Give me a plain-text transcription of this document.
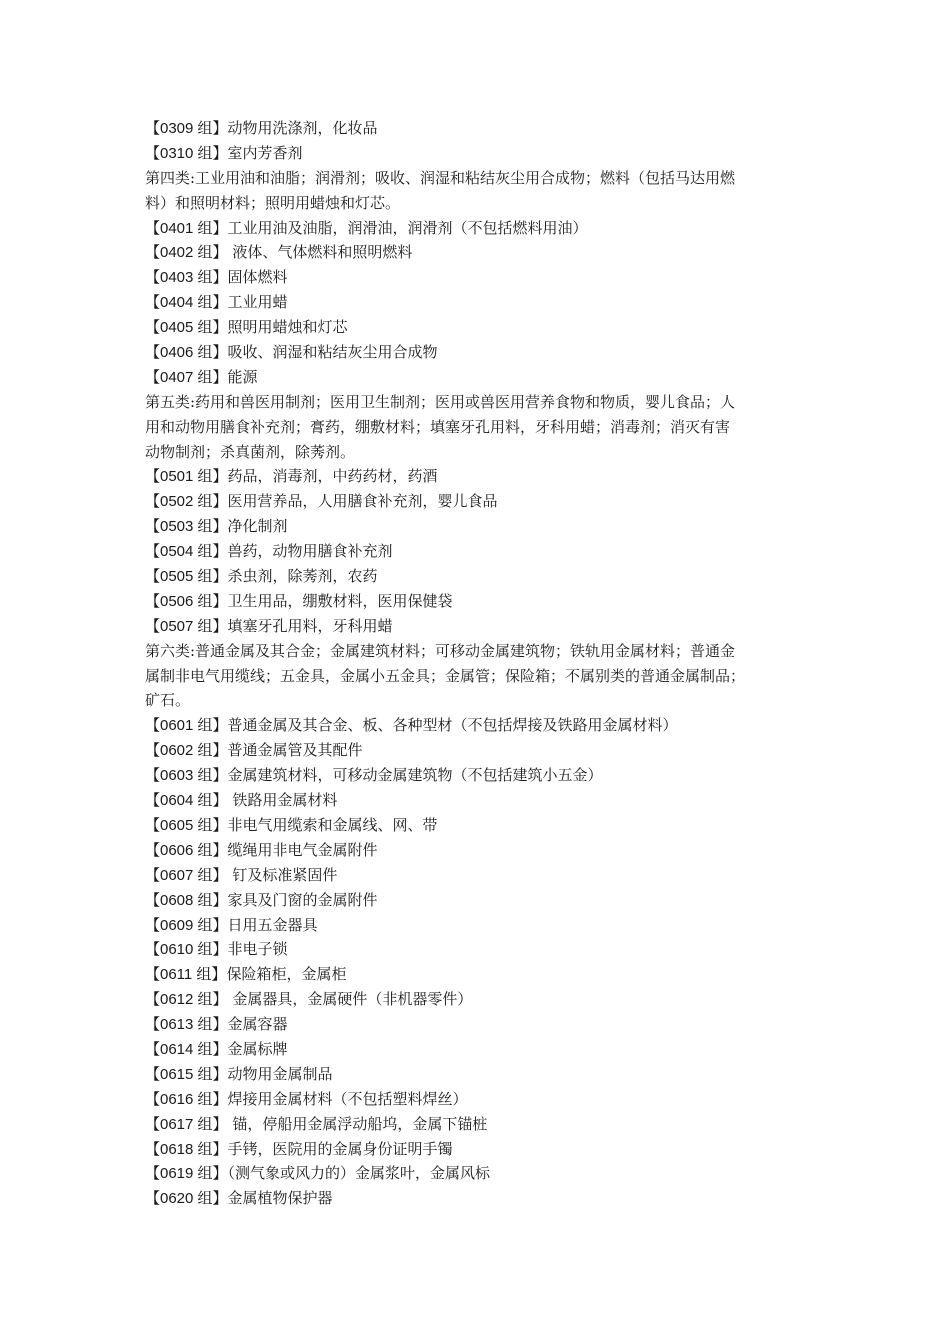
【0309 组】动物用洗涤剂，化妆品
【0310 组】室内芳香剂
第四类:工业用油和油脂；润滑剂；吸收、润湿和粘结灰尘用合成物；燃料（包括马达用燃
料）和照明材料；照明用蜡烛和灯芯。
【0401 组】工业用油及油脂，润滑油，润滑剂（不包括燃料用油）
【0402 组】 液体、气体燃料和照明燃料
【0403 组】固体燃料
【0404 组】工业用蜡
【0405 组】照明用蜡烛和灯芯
【0406 组】吸收、润湿和粘结灰尘用合成物
【0407 组】能源
第五类:药用和兽医用制剂；医用卫生制剂；医用或兽医用营养食物和物质，婴儿食品；人
用和动物用膳食补充剂；膏药，绷敷材料；填塞牙孔用料，牙科用蜡；消毒剂；消灭有害
动物制剂；杀真菌剂，除莠剂。
【0501 组】药品，消毒剂，中药药材，药酒
【0502 组】医用营养品，人用膳食补充剂，婴儿食品
【0503 组】净化制剂
【0504 组】兽药，动物用膳食补充剂
【0505 组】杀虫剂，除莠剂，农药
【0506 组】卫生用品，绷敷材料，医用保健袋
【0507 组】填塞牙孔用料，牙科用蜡
第六类:普通金属及其合金；金属建筑材料；可移动金属建筑物；铁轨用金属材料；普通金
属制非电气用缆线；五金具，金属小五金具；金属管；保险箱；不属别类的普通金属制品；
矿石。
【0601 组】普通金属及其合金、板、各种型材（不包括焊接及铁路用金属材料）
【0602 组】普通金属管及其配件
【0603 组】金属建筑材料，可移动金属建筑物（不包括建筑小五金）
【0604 组】 铁路用金属材料
【0605 组】非电气用缆索和金属线、网、带
【0606 组】缆绳用非电气金属附件
【0607 组】 钉及标准紧固件
【0608 组】家具及门窗的金属附件
【0609 组】日用五金器具
【0610 组】非电子锁
【0611 组】保险箱柜，金属柜
【0612 组】 金属器具，金属硬件（非机器零件）
【0613 组】金属容器
【0614 组】金属标牌
【0615 组】动物用金属制品
【0616 组】焊接用金属材料（不包括塑料焊丝）
【0617 组】 锚，停船用金属浮动船坞，金属下锚桩
【0618 组】手铐，医院用的金属身份证明手镯
【0619 组】（测气象或风力的）金属浆叶，金属风标
【0620 组】金属植物保护器
